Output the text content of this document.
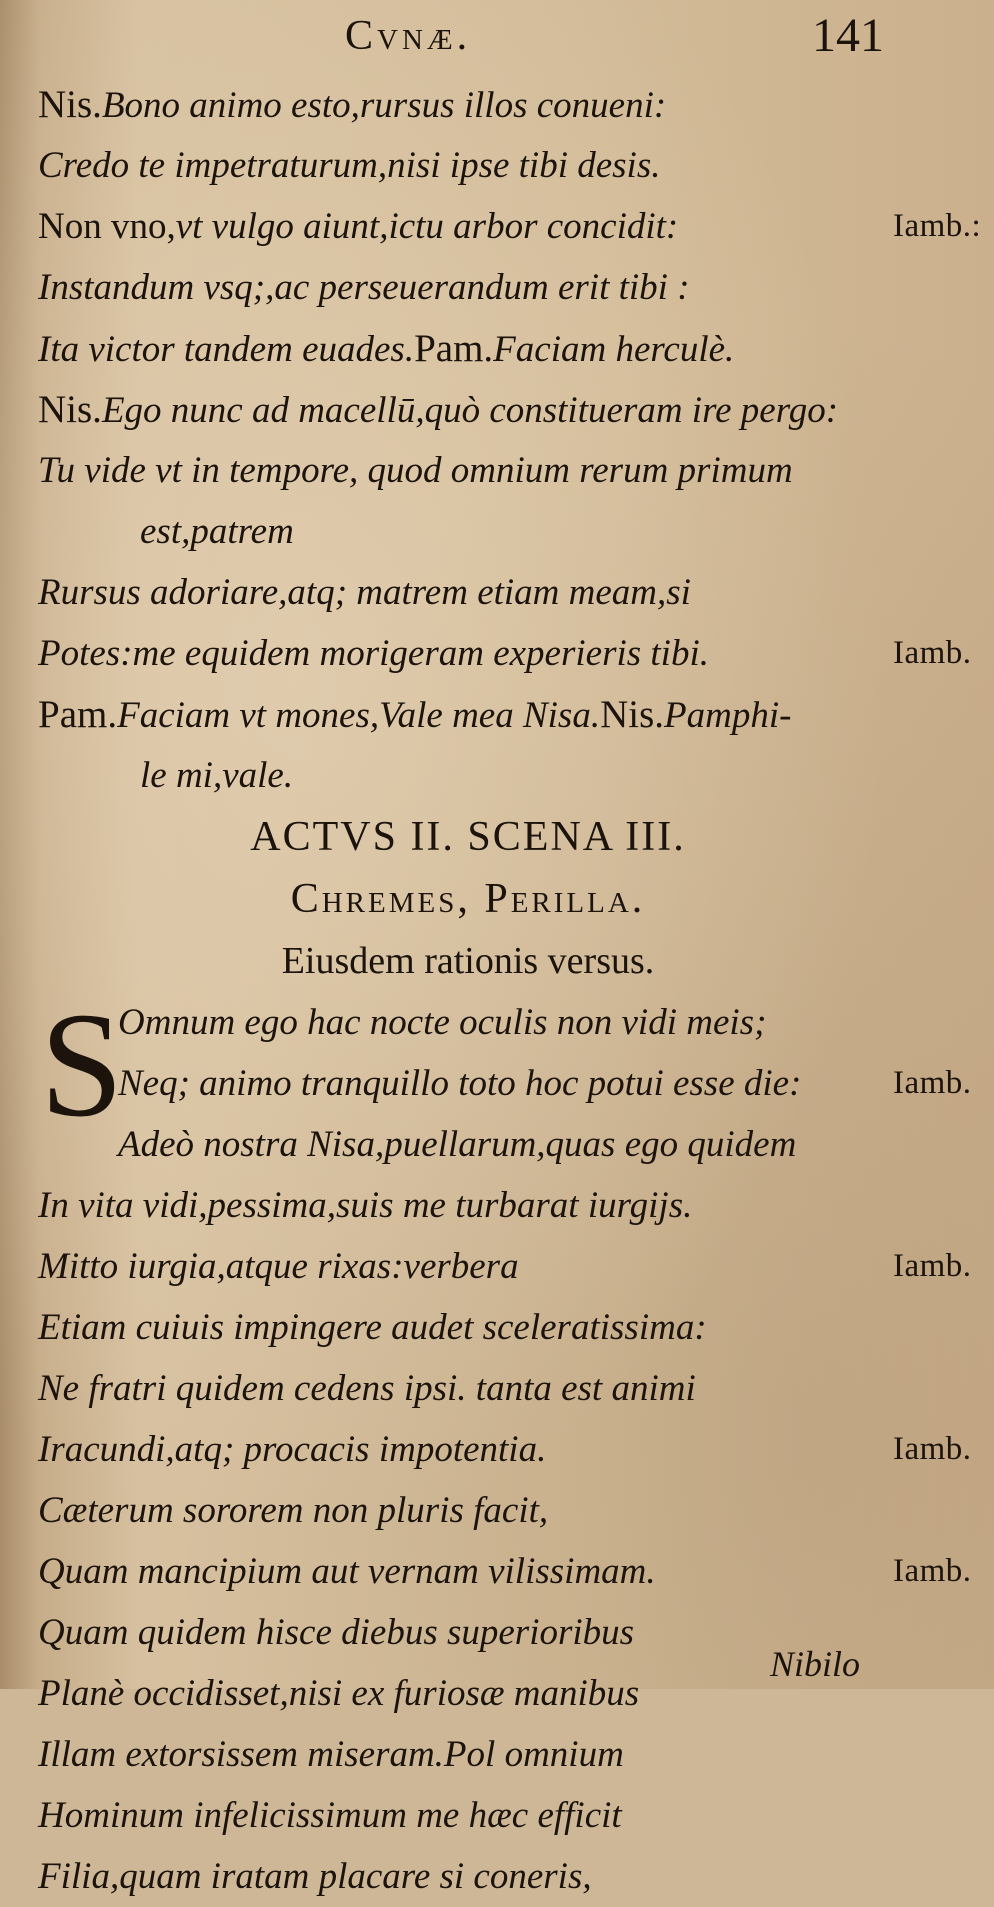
Cvnæ.	141
Nis.Bono animo esto,rursus illos conueni:
Credo te impetraturum,nisi ipse tibi desis.
Non vno,vt vulgo aiunt,ictu arbor concidit:	Iamb.:
Instandum vsq;,ac perseuerandum erit tibi :
Ita victor tandem euades.Pam.Faciam herculè.
Nis.Ego nunc ad macellū,quò constitueram ire pergo:
Tu vide vt in tempore, quod omnium rerum primum
est,patrem
Rursus adoriare,atq; matrem etiam meam,si
Potes:me equidem morigeram experieris tibi.	Iamb.
Pam.Faciam vt mones,Vale mea Nisa.Nis.Pamphi-
le mi,vale.
ACTVS II. SCENA III.
Chremes, Perilla.
Eiusdem rationis versus.
S
Omnum ego hac nocte oculis non vidi meis;
Neq; animo tranquillo toto hoc potui esse die:	Iamb.
Adeò nostra Nisa,puellarum,quas ego quidem
In vita vidi,pessima,suis me turbarat iurgijs.
Mitto iurgia,atque rixas:verbera	Iamb.
Etiam cuiuis impingere audet sceleratissima:
Ne fratri quidem cedens ipsi. tanta est animi
Iracundi,atq; procacis impotentia.	Iamb.
Cæterum sororem non pluris facit,
Quam mancipium aut vernam vilissimam.	Iamb.
Quam quidem hisce diebus superioribus
Planè occidisset,nisi ex furiosæ manibus
Illam extorsissem miseram.Pol omnium
Hominum infelicissimum me hæc efficit
Filia,quam iratam placare si coneris,
Nibilo
